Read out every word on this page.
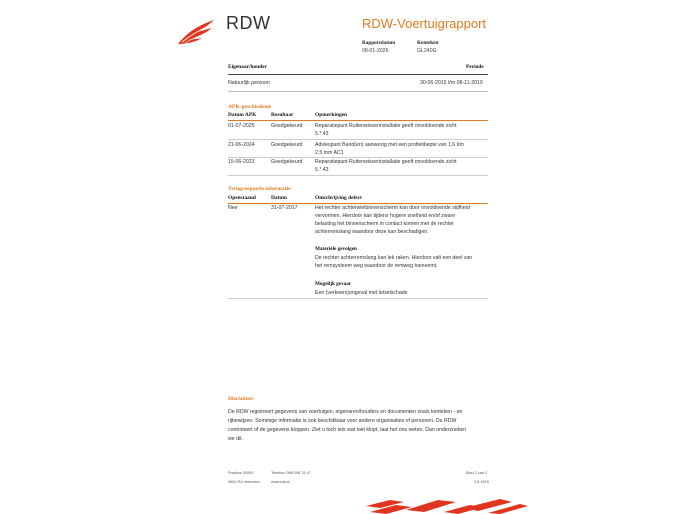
RDW	RDW-Voertuigrapport
Rapportdatum
08-01-2026
Kenteken
GL240G
Eigenaar/houder	Periode
Natuurlijk persoon	30-06-2015 t/m 08-11-2019
APK-geschiedenis
Datum APK	Resultaat	Opmerkingen
01-07-2025	Goedgekeurd Reparatiepunt Ruitenwisserinstallatie geeft onvoldoende zicht
5.*.43
21-06-2024	Goedgekeurd Adviespunt Band(en) aanwezig met een profieldiepte van 1,6 t/m
2,5 mm AC1
15-06-2023	Goedgekeurd Reparatiepunt Ruitenwisserinstallatie geeft onvoldoende zicht
5.*.43
Terugroepactie informatie
Openstaand	Datum	Omschrijving defect
Nee	31-07-2017	Het rechter achterwielbinnenscherm kan door onvoldoende stijfheid
vervormen. Hierdoor kan tijdens hogere snelheid en/of zware
belasting het binnenscherm in contact komen met de rechter
achterremslang waardoor deze kan beschadigen.
Materiële gevolgen
De rechter achterremslang kan lek raken. Hierdoor valt een deel van
het remsysteem weg waardoor de remweg toeneemt.
Mogelijk gevaar
Een (verkeers)ongeval met letselschade
Disclaimer
De RDW registreert gegevens van voertuigen, eigenaren/houders en documenten zoals kenteken - en
rijbewijzen. Sommige informatie is ook beschikbaar voor andere organisaties of personen. De RDW
controleert of de gegevens kloppen. Ziet u toch iets wat niet klopt, laat het ons weten. Dan onderzoeken
we dit.
Postbus 30000
9640 RA Veendam
Telefoon 088 008 74 47
www.rdw.nl
Blad 2 van 2
2.6 1878
